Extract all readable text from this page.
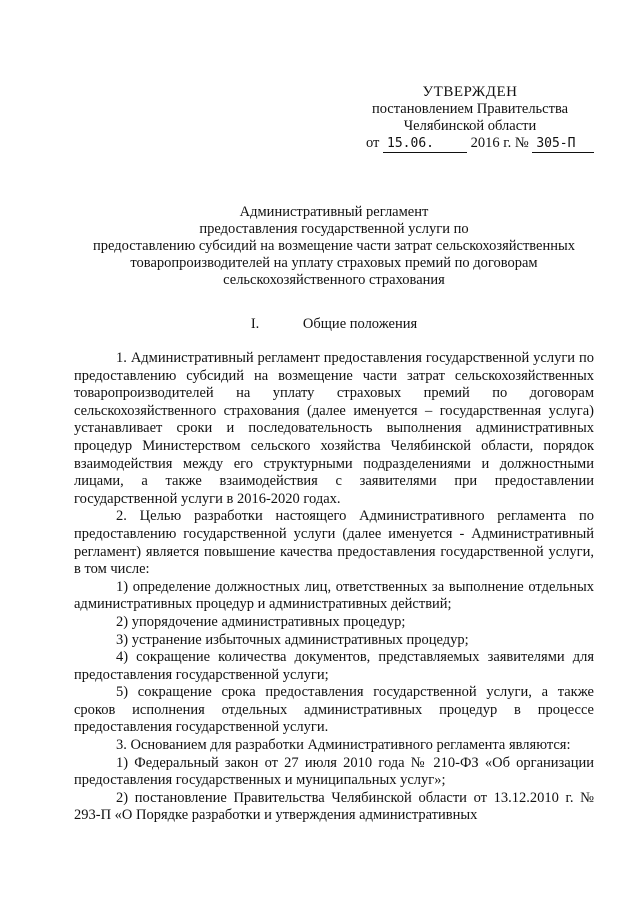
УТВЕРЖДЕН
постановлением Правительства
Челябинской области
от 15.06.	2016 г. № 305-П
Административный регламент
предоставления государственной услуги по
предоставлению субсидий на возмещение части затрат сельскохозяйственных
товаропроизводителей на уплату страховых премий по договорам
сельскохозяйственного страхования
I.	Общие положения

1. Административный регламент предоставления государственной услуги по предоставлению субсидий на возмещение части затрат сельскохозяйственных товаропроизводителей на уплату страховых премий по договорам сельскохозяйственного страхования (далее именуется – государственная услуга) устанавливает сроки и последовательность выполнения административных процедур Министерством сельского хозяйства Челябинской области, порядок взаимодействия между его структурными подразделениями и должностными лицами, а также взаимодействия с заявителями при предоставлении государственной услуги в 2016-2020 годах.

2. Целью разработки настоящего Административного регламента по предоставлению государственной услуги (далее именуется - Административный регламент) является повышение качества предоставления государственной услуги, в том числе:

1) определение должностных лиц, ответственных за выполнение отдельных административных процедур и административных действий;

2) упорядочение административных процедур;

3) устранение избыточных административных процедур;

4) сокращение количества документов, представляемых заявителями для предоставления государственной услуги;

5) сокращение срока предоставления государственной услуги, а также сроков исполнения отдельных административных процедур в процессе предоставления государственной услуги.

3. Основанием для разработки Административного регламента являются:

1) Федеральный закон от 27 июля 2010 года № 210-ФЗ «Об организации предоставления государственных и муниципальных услуг»;

2) постановление Правительства Челябинской области от 13.12.2010 г. № 293-П «О Порядке разработки и утверждения административных
